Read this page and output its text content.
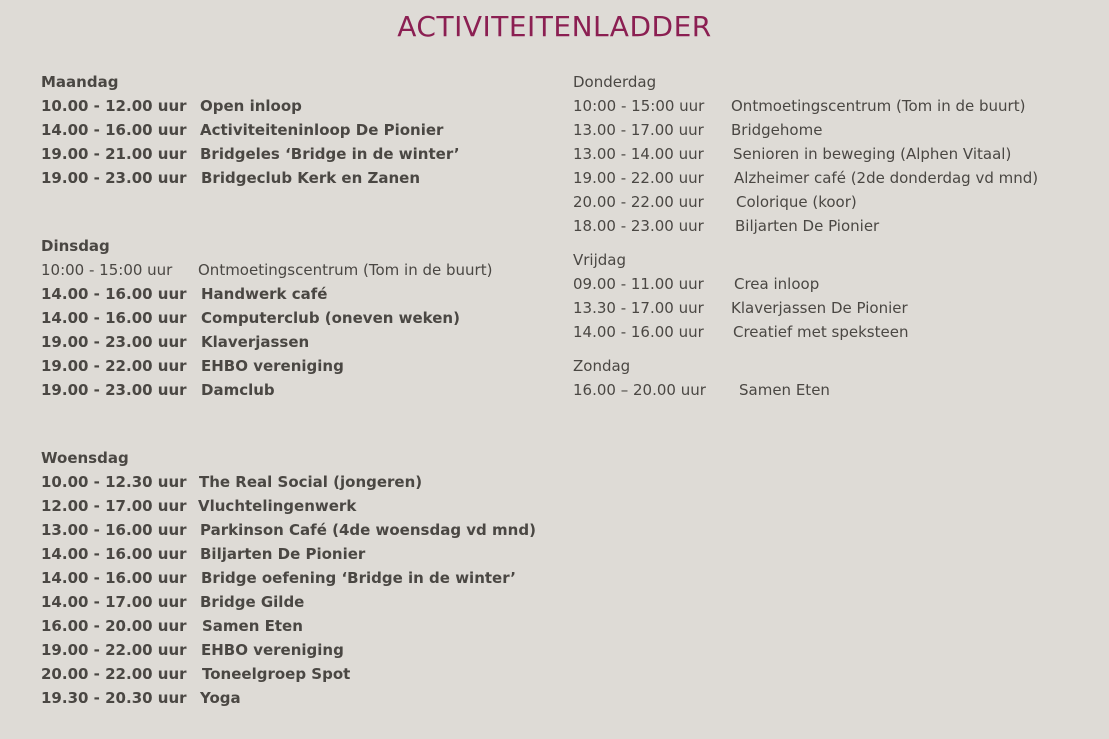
ACTIVITEITENLADDER
Maandag
10.00 - 12.00 uur Open inloop
14.00 - 16.00 uur Activiteiteninloop De Pionier
19.00 - 21.00 uur Bridgeles ‘Bridge in de winter’
19.00 - 23.00 uur Bridgeclub Kerk en Zanen
Dinsdag
10:00 - 15:00 uur Ontmoetingscentrum (Tom in de buurt)
14.00 - 16.00 uur Handwerk café
14.00 - 16.00 uur Computerclub (oneven weken)
19.00 - 23.00 uur Klaverjassen
19.00 - 22.00 uur EHBO vereniging
19.00 - 23.00 uur Damclub
Woensdag
10.00 - 12.30 uur The Real Social (jongeren)
12.00 - 17.00 uur Vluchtelingenwerk
13.00 - 16.00 uur Parkinson Café (4de woensdag vd mnd)
14.00 - 16.00 uur Biljarten De Pionier
14.00 - 16.00 uur Bridge oefening ‘Bridge in de winter’
14.00 - 17.00 uur Bridge Gilde
16.00 - 20.00 uur Samen Eten
19.00 - 22.00 uur EHBO vereniging
20.00 - 22.00 uur Toneelgroep Spot
19.30 - 20.30 uur Yoga
Donderdag
10:00 - 15:00 uur Ontmoetingscentrum (Tom in de buurt)
13.00 - 17.00 uur Bridgehome
13.00 - 14.00 uur Senioren in beweging (Alphen Vitaal)
19.00 - 22.00 uur Alzheimer café (2de donderdag vd mnd)
20.00 - 22.00 uur Colorique (koor)
18.00 - 23.00 uur Biljarten De Pionier
Vrijdag
09.00 - 11.00 uur Crea inloop
13.30 - 17.00 uur Klaverjassen De Pionier
14.00 - 16.00 uur Creatief met speksteen
Zondag
16.00 – 20.00 uur Samen Eten
